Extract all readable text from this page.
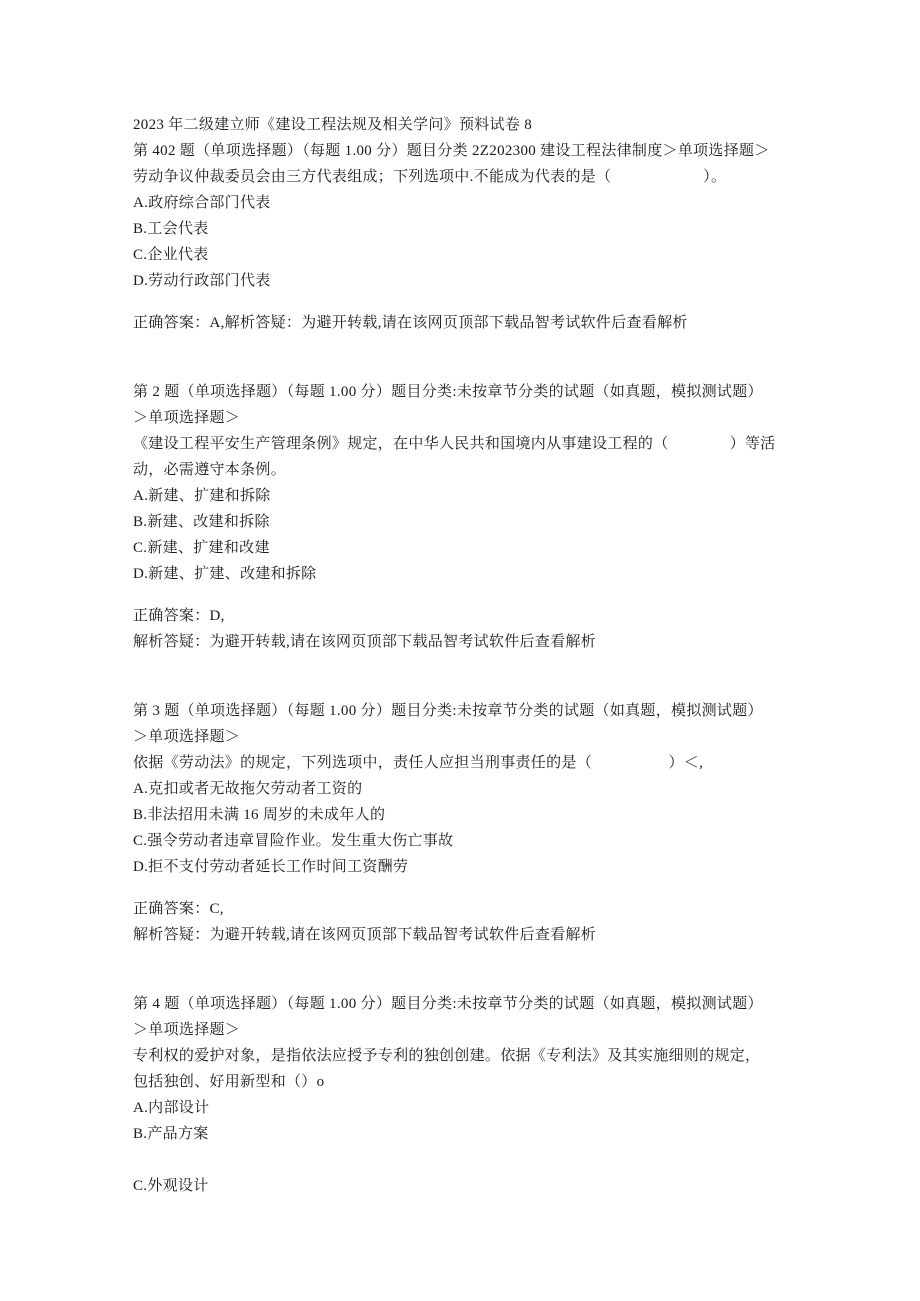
2023 年二级建立师《建设工程法规及相关学问》预料试卷 8

第 402 题（单项选择题）（每题 1.00 分）题目分类 2Z202300 建设工程法律制度＞单项选择题＞

劳动争议仲裁委员会由三方代表组成；下列选项中.不能成为代表的是（　　　　　　）。

A.政府综合部门代表

B.工会代表

C.企业代表

D.劳动行政部门代表

正确答案：A,解析答疑：为避开转载,请在该网页顶部下载品智考试软件后查看解析

第 2 题（单项选择题）（每题 1.00 分）题目分类:未按章节分类的试题（如真题，模拟测试题）

＞单项选择题＞

《建设工程平安生产管理条例》规定，在中华人民共和国境内从事建设工程的（　　　　）等活

动，必需遵守本条例。

A.新建、扩建和拆除

B.新建、改建和拆除

C.新建、扩建和改建

D.新建、扩建、改建和拆除

正确答案：D,

解析答疑：为避开转载,请在该网页顶部下载品智考试软件后查看解析

第 3 题（单项选择题）（每题 1.00 分）题目分类:未按章节分类的试题（如真题，模拟测试题）

＞单项选择题＞

依据《劳动法》的规定，下列选项中，责任人应担当刑事责任的是（　　　　　）＜,

A.克扣或者无故拖欠劳动者工资的

B.非法招用未满 16 周岁的未成年人的

C.强令劳动者违章冒险作业。发生重大伤亡事故

D.拒不支付劳动者延长工作时间工资酬劳

正确答案：C,

解析答疑：为避开转载,请在该网页顶部下载品智考试软件后查看解析

第 4 题（单项选择题）（每题 1.00 分）题目分类:未按章节分类的试题（如真题，模拟测试题）

＞单项选择题＞

专利权的爱护对象，是指依法应授予专利的独创创建。依据《专利法》及其实施细则的规定，

包括独创、好用新型和（）o

A.内部设计

B.产品方案

C.外观设计
